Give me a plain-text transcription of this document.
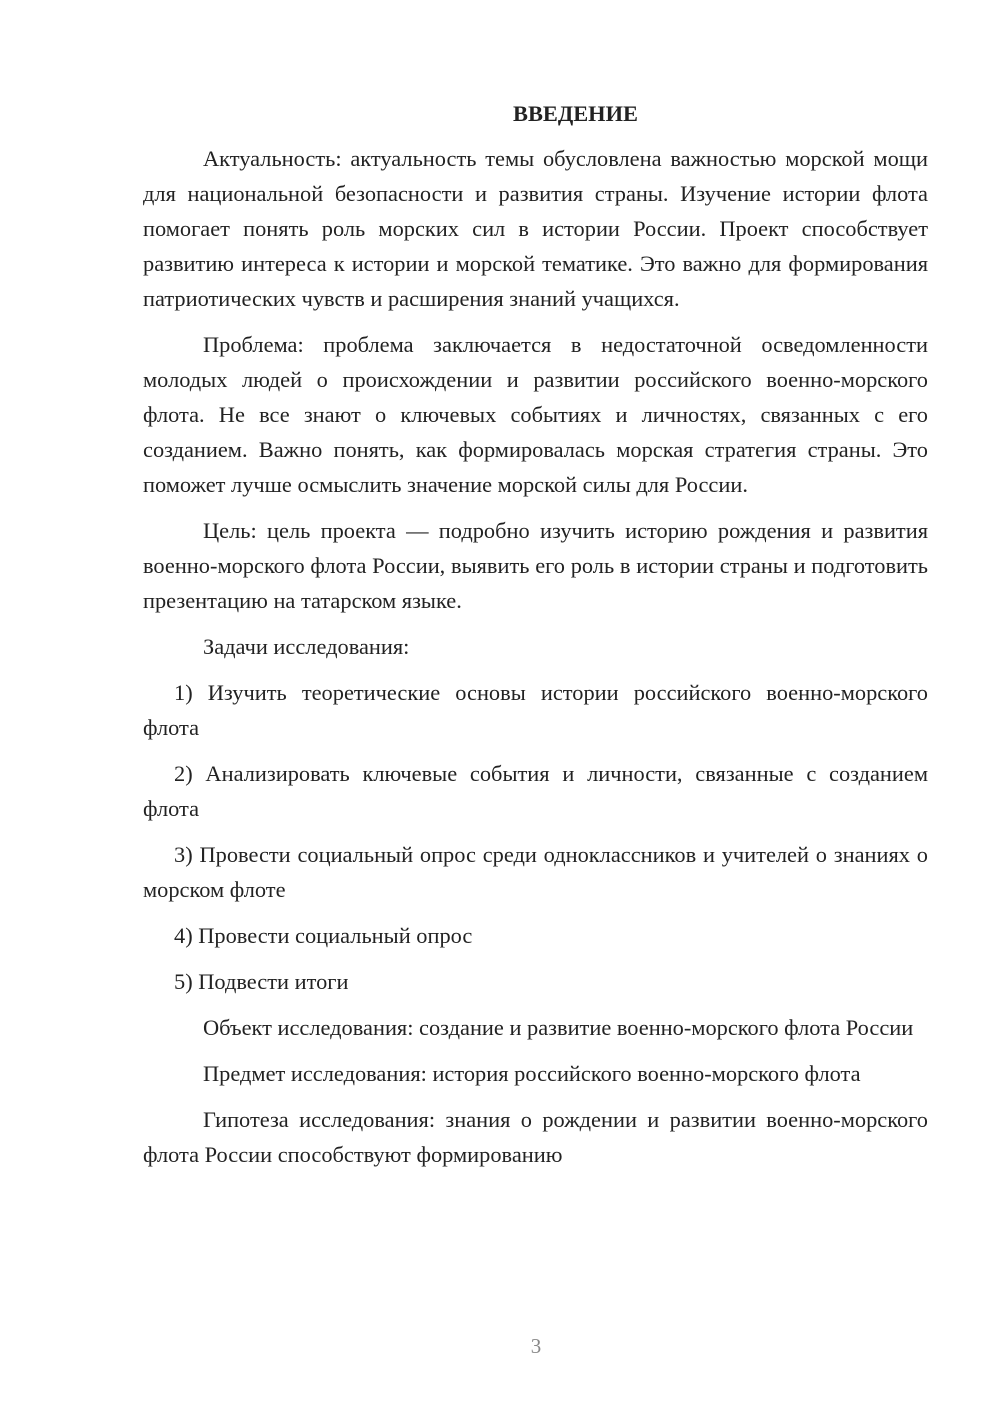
ВВЕДЕНИЕ

Актуальность: актуальность темы обусловлена важностью морской мощи для национальной безопасности и развития страны. Изучение истории флота помогает понять роль морских сил в истории России. Проект способствует развитию интереса к истории и морской тематике. Это важно для формирования патриотических чувств и расширения знаний учащихся.

Проблема: проблема заключается в недостаточной осведомленности молодых людей о происхождении и развитии российского военно-морского флота. Не все знают о ключевых событиях и личностях, связанных с его созданием. Важно понять, как формировалась морская стратегия страны. Это поможет лучше осмыслить значение морской силы для России.

Цель: цель проекта — подробно изучить историю рождения и развития военно-морского флота России, выявить его роль в истории страны и подготовить презентацию на татарском языке.

Задачи исследования:

1) Изучить теоретические основы истории российского военно-морского флота

2) Анализировать ключевые события и личности, связанные с созданием флота

3) Провести социальный опрос среди одноклассников и учителей о знаниях о морском флоте

4) Провести социальный опрос

5) Подвести итоги

Объект исследования: создание и развитие военно-морского флота России

Предмет исследования: история российского военно-морского флота

Гипотеза исследования: знания о рождении и развитии военно-морского флота России способствуют формированию

3
